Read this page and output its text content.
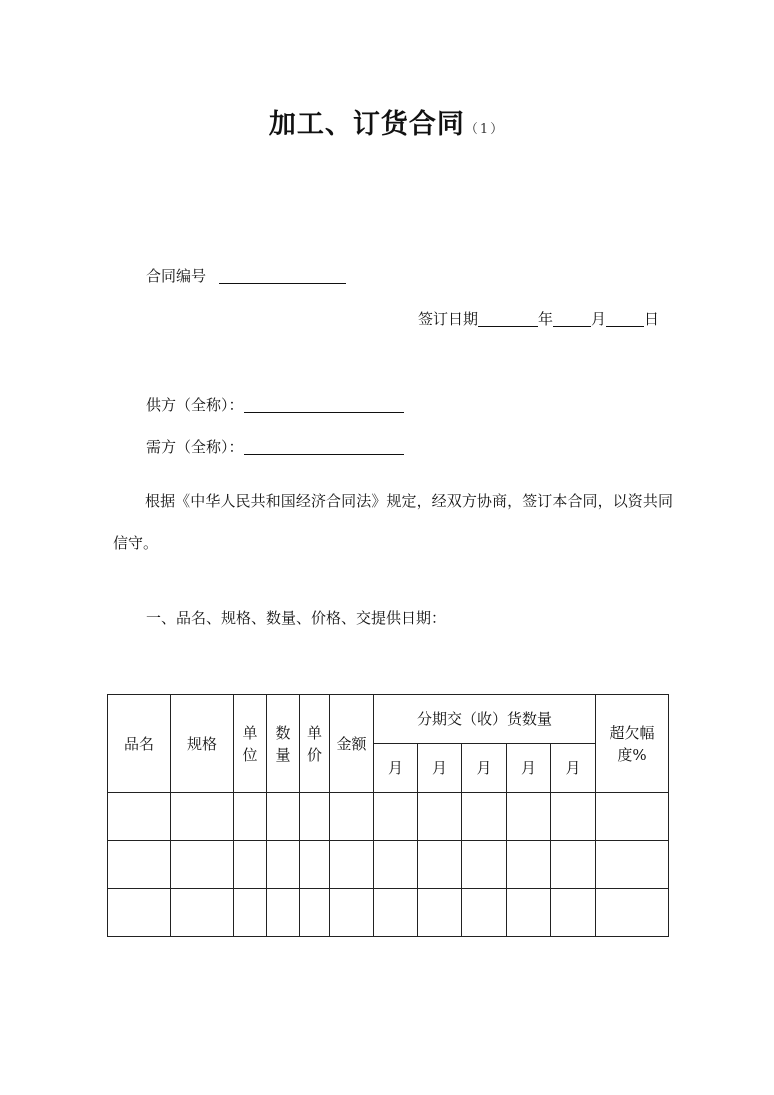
加工、订货合同（1）
合同编号
签订日期	年	月	日
供方（全称）：
需方（全称）：
根据《中华人民共和国经济合同法》规定，经双方协商，签订本合同，以资共同信守。
一、品名、规格、数量、价格、交提供日期：
品名	规格	单位	数量	单价	金额	分期交（收）货数量					超欠幅度%
						月	月	月	月	月	
